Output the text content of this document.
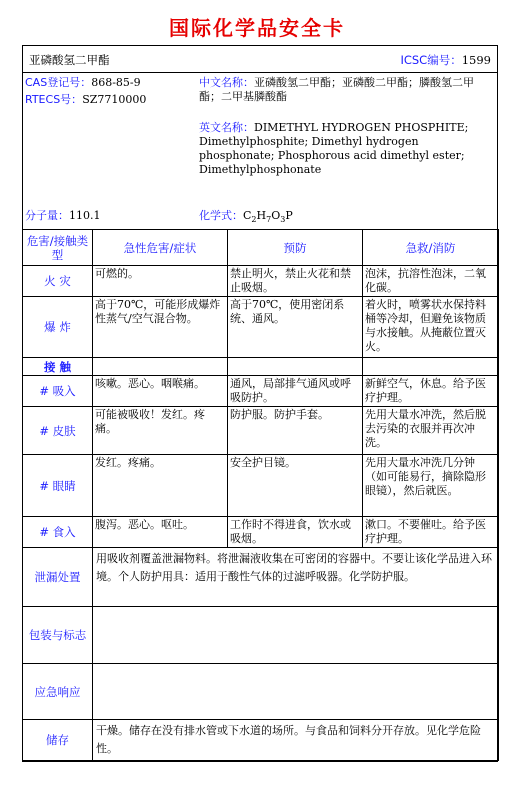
国际化学品安全卡
亚磷酸氢二甲酯	ICSC编号：1599
CAS登记号：868-85-9
RTECS号：SZ7710000
中文名称：亚磷酸氢二甲酯；亚磷酸二甲酯；膦酸氢二甲酯；二甲基膦酸酯
英文名称：DIMETHYL HYDROGEN PHOSPHITE; Dimethylphosphite; Dimethyl hydrogen phosphonate; Phosphorous acid dimethyl ester; Dimethylphosphonate
分子量：110.1	化学式：$C_2H_7O_3P$
危害/接触类型	急性危害/症状	预防	急救/消防
火 灾	可燃的。	禁止明火，禁止火花和禁止吸烟。	泡沫，抗溶性泡沫，二氧化碳。
爆 炸	高于70℃，可能形成爆炸性蒸气/空气混合物。	高于70℃，使用密闭系统、通风。	着火时，喷雾状水保持料桶等冷却，但避免该物质与水接触。从掩蔽位置灭火。
接 触			
# 吸入	咳嗽。恶心。咽喉痛。	通风，局部排气通风或呼吸防护。	新鲜空气，休息。给予医疗护理。
# 皮肤	可能被吸收！发红。疼痛。	防护服。防护手套。	先用大量水冲洗，然后脱去污染的衣服并再次冲洗。
# 眼睛	发红。疼痛。	安全护目镜。	先用大量水冲洗几分钟（如可能易行，摘除隐形眼镜），然后就医。
# 食入	腹泻。恶心。呕吐。	工作时不得进食，饮水或吸烟。	漱口。不要催吐。给予医疗护理。
泄漏处置	用吸收剂覆盖泄漏物料。将泄漏液收集在可密闭的容器中。不要让该化学品进入环境。个人防护用具：适用于酸性气体的过滤呼吸器。化学防护服。		
包装与标志			
应急响应			
储存	干燥。储存在没有排水管或下水道的场所。与食品和饲料分开存放。见化学危险性。		
